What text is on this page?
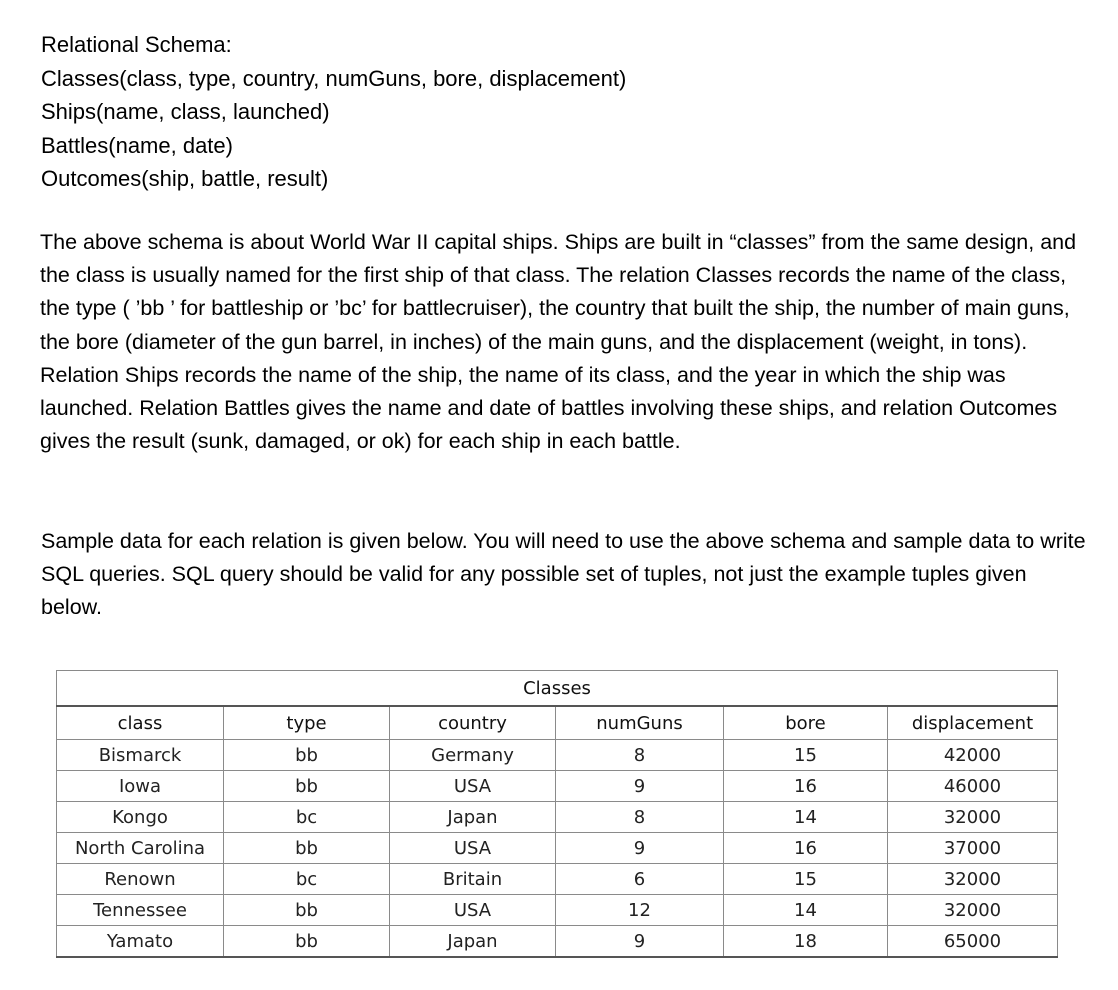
Relational Schema:
Classes(class, type, country, numGuns, bore, displacement)
Ships(name, class, launched)
Battles(name, date)
Outcomes(ship, battle, result)

The above schema is about World War II capital ships. Ships are built in “classes” from the same design, and the class is usually named for the first ship of that class. The relation Classes records the name of the class, the type ( ’bb ’ for battleship or ’bc’ for battlecruiser), the country that built the ship, the number of main guns, the bore (diameter of the gun barrel, in inches) of the main guns, and the displacement (weight, in tons). Relation Ships records the name of the ship, the name of its class, and the year in which the ship was launched. Relation Battles gives the name and date of battles involving these ships, and relation Outcomes gives the result (sunk, damaged, or ok) for each ship in each battle.

Sample data for each relation is given below. You will need to use the above schema and sample data to write SQL queries. SQL query should be valid for any possible set of tuples, not just the example tuples given below.

Classes					
class	type	country	numGuns	bore	displacement
Bismarck	bb	Germany	8	15	42000
Iowa	bb	USA	9	16	46000
Kongo	bc	Japan	8	14	32000
North Carolina	bb	USA	9	16	37000
Renown	bc	Britain	6	15	32000
Tennessee	bb	USA	12	14	32000
Yamato	bb	Japan	9	18	65000
